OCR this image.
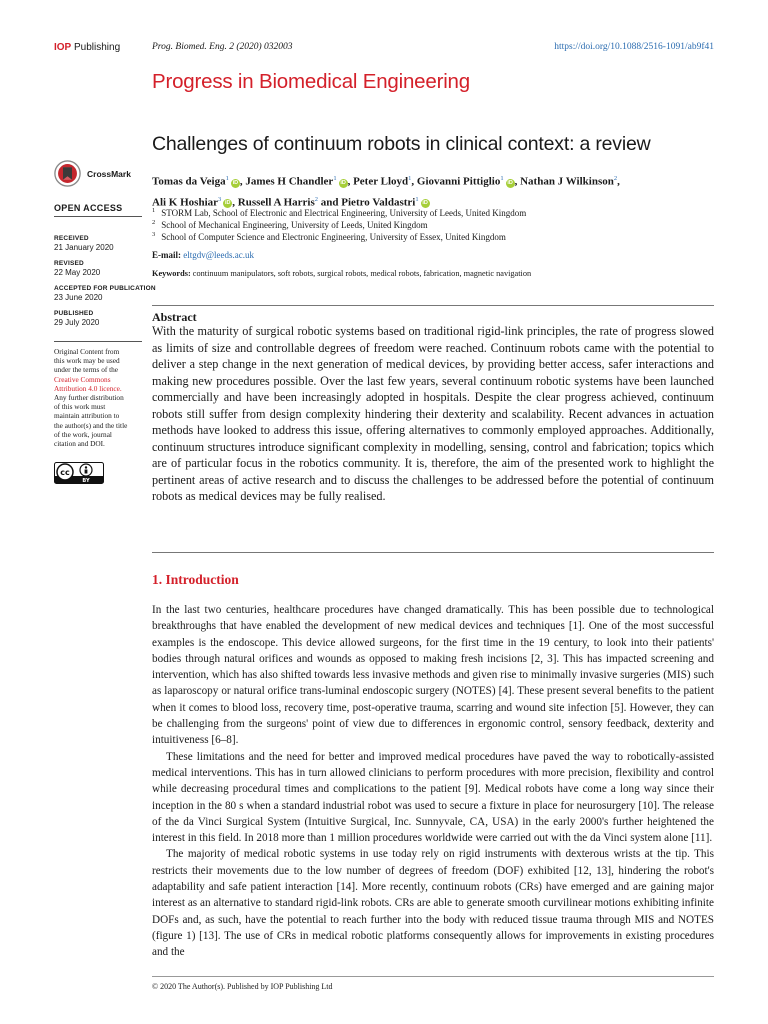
IOP Publishing	Prog. Biomed. Eng. 2 (2020) 032003	https://doi.org/10.1088/2516-1091/ab9f41
Progress in Biomedical Engineering
Challenges of continuum robots in clinical context: a review
CrossMark
OPEN ACCESS
RECEIVED
21 January 2020
REVISED
22 May 2020
ACCEPTED FOR PUBLICATION
23 June 2020
PUBLISHED
29 July 2020
Original Content from
this work may be used
under the terms of the
Creative Commons
Attribution 4.0 licence.
Any further distribution
of this work must
maintain attribution to
the author(s) and the title
of the work, journal
citation and DOI.
cc
BY
Tomas da Veiga$^1$iD , James H Chandler$^1$iD , Peter Lloyd$^1$, Giovanni Pittiglio$^1$iD , Nathan J Wilkinson$^2$,
Ali K Hoshiar$^3$iD , Russell A Harris$^2$ and Pietro Valdastri$^1$iD
$^1$ STORM Lab, School of Electronic and Electrical Engineering, University of Leeds, United Kingdom
$^2$ School of Mechanical Engineering, University of Leeds, United Kingdom
$^3$ School of Computer Science and Electronic Engineering, University of Essex, United Kingdom
E-mail: eltgdv@leeds.ac.uk
Keywords: continuum manipulators, soft robots, surgical robots, medical robots, fabrication, magnetic navigation
Abstract
With the maturity of surgical robotic systems based on traditional rigid-link principles, the rate of progress slowed as limits of size and controllable degrees of freedom were reached. Continuum robots came with the potential to deliver a step change in the next generation of medical devices, by providing better access, safer interactions and making new procedures possible. Over the last few years, several continuum robotic systems have been launched commercially and have been increasingly adopted in hospitals. Despite the clear progress achieved, continuum robots still suffer from design complexity hindering their dexterity and scalability. Recent advances in actuation methods have looked to address this issue, offering alternatives to commonly employed approaches. Additionally, continuum structures introduce significant complexity in modelling, sensing, control and fabrication; topics which are of particular focus in the robotics community. It is, therefore, the aim of the presented work to highlight the pertinent areas of active research and to discuss the challenges to be addressed before the potential of continuum robots as medical devices may be fully realised.
1. Introduction

In the last two centuries, healthcare procedures have changed dramatically. This has been possible due to technological breakthroughs that have enabled the development of new medical devices and techniques [1]. One of the most successful examples is the endoscope. This device allowed surgeons, for the first time in the 19 century, to look into their patients' bodies through natural orifices and wounds as opposed to making fresh incisions [2, 3]. This has impacted screening and intervention, which has also shifted towards less invasive methods and given rise to minimally invasive surgeries (MIS) such as laparoscopy or natural orifice trans-luminal endoscopic surgery (NOTES) [4]. These present several benefits to the patient when it comes to blood loss, recovery time, post-operative trauma, scarring and wound site infection [5]. However, they can be challenging from the surgeons' point of view due to differences in ergonomic control, sensory feedback, dexterity and intuitiveness [6–8].

These limitations and the need for better and improved medical procedures have paved the way to robotically-assisted medical interventions. This has in turn allowed clinicians to perform procedures with more precision, flexibility and control while decreasing procedural times and complications to the patient [9]. Medical robots have come a long way since their inception in the 80 s when a standard industrial robot was used to secure a fixture in place for neurosurgery [10]. The release of the da Vinci Surgical System (Intuitive Surgical, Inc. Sunnyvale, CA, USA) in the early 2000's further heightened the interest in this field. In 2018 more than 1 million procedures worldwide were carried out with the da Vinci system alone [11].

The majority of medical robotic systems in use today rely on rigid instruments with dexterous wrists at the tip. This restricts their movements due to the low number of degrees of freedom (DOF) exhibited [12, 13], hindering the robot's adaptability and safe patient interaction [14]. More recently, continuum robots (CRs) have emerged and are gaining major interest as an alternative to standard rigid-link robots. CRs are able to generate smooth curvilinear motions exhibiting infinite DOFs and, as such, have the potential to reach further into the body with reduced tissue trauma through MIS and NOTES (figure 1) [13]. The use of CRs in medical robotic platforms consequently allows for improvements in existing procedures and the

© 2020 The Author(s). Published by IOP Publishing Ltd
